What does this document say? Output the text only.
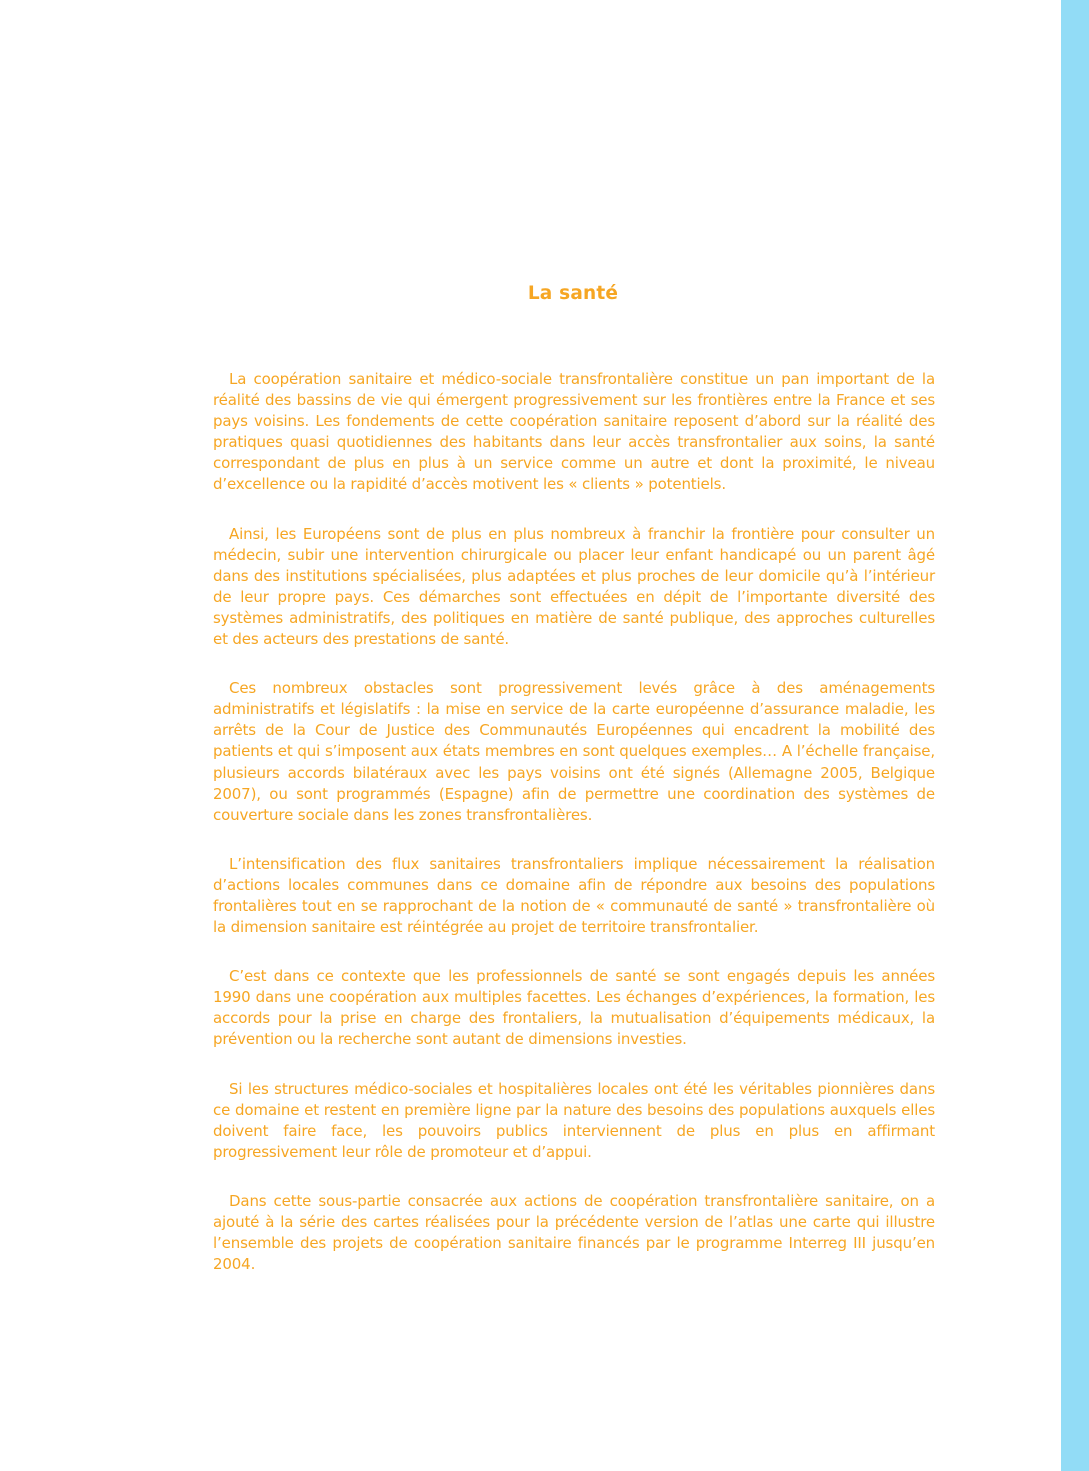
La santé

La coopération sanitaire et médico-sociale transfrontalière constitue un pan important de la réalité des bassins de vie qui émergent progressivement sur les frontières entre la France et ses pays voisins. Les fondements de cette coopération sanitaire reposent d’abord sur la réalité des pratiques quasi quotidiennes des habitants dans leur accès transfrontalier aux soins, la santé correspondant de plus en plus à un service comme un autre et dont la proximité, le niveau d’excellence ou la rapidité d’accès motivent les « clients » potentiels.

Ainsi, les Européens sont de plus en plus nombreux à franchir la frontière pour consulter un médecin, subir une intervention chirurgicale ou placer leur enfant handicapé ou un parent âgé dans des institutions spécialisées, plus adaptées et plus proches de leur domicile qu’à l’intérieur de leur propre pays. Ces démarches sont effectuées en dépit de l’importante diversité des systèmes administratifs, des politiques en matière de santé publique, des approches culturelles et des acteurs des prestations de santé.

Ces nombreux obstacles sont progressivement levés grâce à des aménagements administratifs et législatifs : la mise en service de la carte européenne d’assurance maladie, les arrêts de la Cour de Justice des Communautés Européennes qui encadrent la mobilité des patients et qui s’imposent aux états membres en sont quelques exemples… A l’échelle française, plusieurs accords bilatéraux avec les pays voisins ont été signés (Allemagne 2005, Belgique 2007), ou sont programmés (Espagne) afin de permettre une coordination des systèmes de couverture sociale dans les zones transfrontalières.

L’intensification des flux sanitaires transfrontaliers implique nécessairement la réalisation d’actions locales communes dans ce domaine afin de répondre aux besoins des populations frontalières tout en se rapprochant de la notion de « communauté de santé » transfrontalière où la dimension sanitaire est réintégrée au projet de territoire transfrontalier.

C’est dans ce contexte que les professionnels de santé se sont engagés depuis les années 1990 dans une coopération aux multiples facettes. Les échanges d’expériences, la formation, les accords pour la prise en charge des frontaliers, la mutualisation d’équipements médicaux, la prévention ou la recherche sont autant de dimensions investies.

Si les structures médico-sociales et hospitalières locales ont été les véritables pionnières dans ce domaine et restent en première ligne par la nature des besoins des populations auxquels elles doivent faire face, les pouvoirs publics interviennent de plus en plus en affirmant progressivement leur rôle de promoteur et d’appui.

Dans cette sous-partie consacrée aux actions de coopération transfrontalière sanitaire, on a ajouté à la série des cartes réalisées pour la précédente version de l’atlas une carte qui illustre l’ensemble des projets de coopération sanitaire financés par le programme Interreg III jusqu’en 2004.
